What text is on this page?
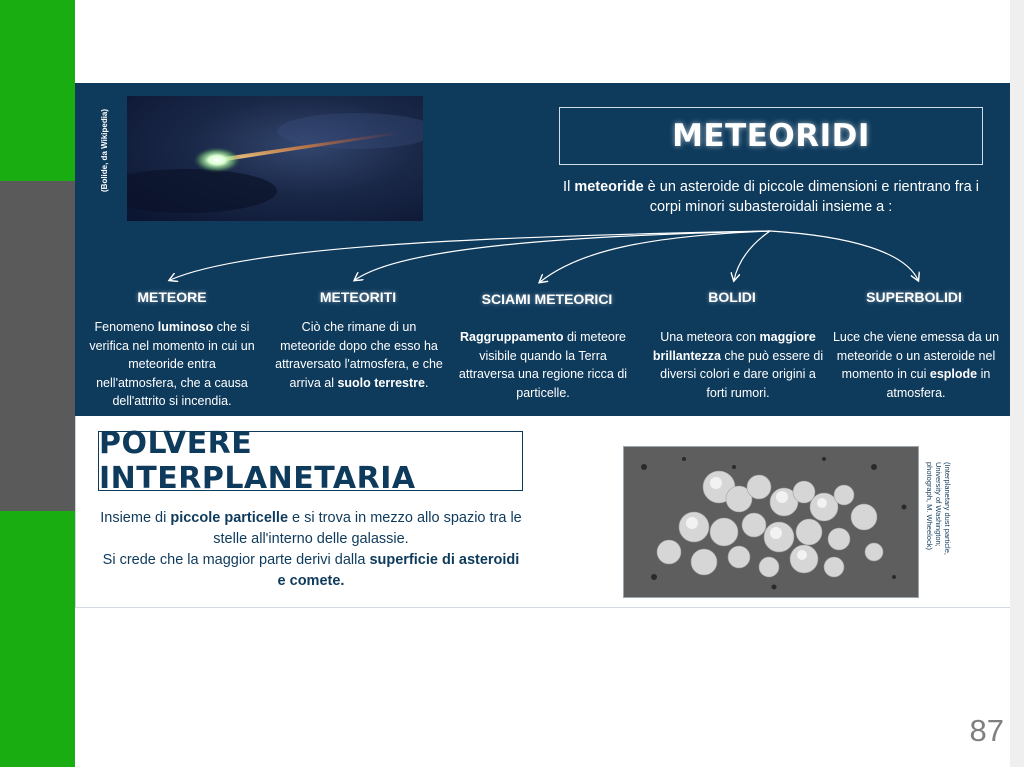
(Bolide, da Wikipedia)	METEORIDI
Il meteoride è un asteroide di piccole dimensioni e rientrano fra i corpi minori subasteroidali insieme a :
METEORE
Fenomeno luminoso che si verifica nel momento in cui un meteoride entra nell'atmosfera, che a causa dell'attrito si incendia.
METEORITI
Ciò che rimane di un meteoride dopo che esso ha attraversato l'atmosfera, e che arriva al suolo terrestre.
SCIAMI METEORICI
Raggruppamento di meteore visibile quando la Terra attraversa una regione ricca di particelle.
BOLIDI
Una meteora con maggiore brillantezza che può essere di diversi colori e dare origini a forti rumori.
SUPERBOLIDI
Luce che viene emessa da un meteoride o un asteroide nel momento in cui esplode in atmosfera.
POLVERE INTERPLANETARIA
Insieme di piccole particelle e si trova in mezzo allo spazio tra le stelle all'interno delle galassie.
Si crede che la maggior parte derivi dalla superficie di asteroidi e comete.
(Interplanetary dust particle, University of Washington; photograph, M. Wheelock)
87
